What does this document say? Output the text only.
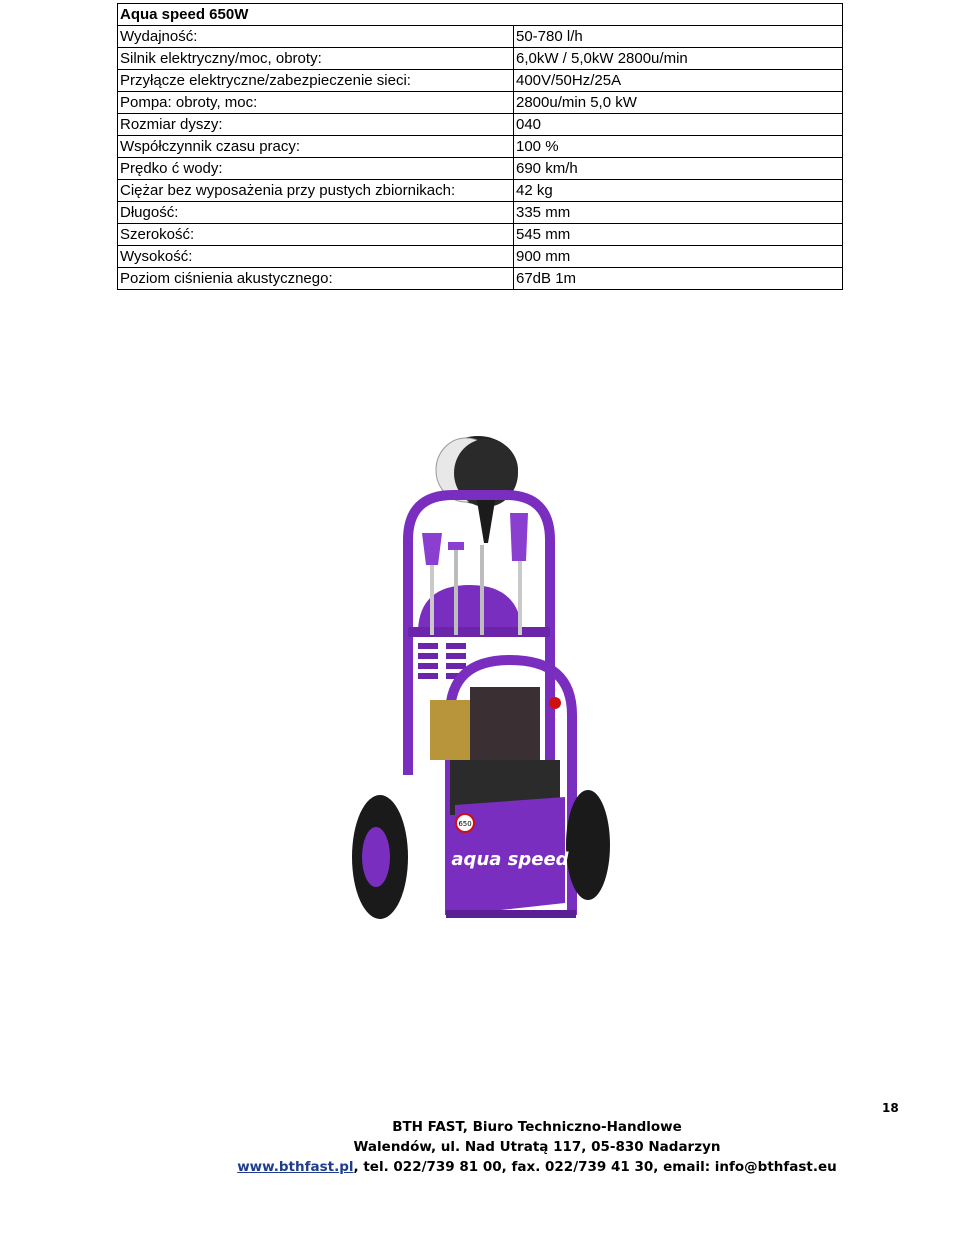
Aqua speed 650W	
Wydajność:	50-780 l/h
Silnik elektryczny/moc, obroty:	6,0kW / 5,0kW 2800u/min
Przyłącze elektryczne/zabezpieczenie sieci:	400V/50Hz/25A
Pompa: obroty, moc:	2800u/min 5,0 kW
Rozmiar dyszy:	040
Współczynnik czasu pracy:	100 %
Prędko ć wody:	690 km/h
Ciężar bez wyposażenia przy pustych zbiornikach:	42 kg
Długość:	335 mm
Szerokość:	545 mm
Wysokość:	900 mm
Poziom ciśnienia akustycznego:	67dB 1m
650
aqua speed
18
BTH FAST, Biuro Techniczno-Handlowe
Walendów, ul. Nad Utratą 117, 05-830 Nadarzyn
www.bthfast.pl, tel. 022/739 81 00, fax. 022/739 41 30, email: info@bthfast.eu
